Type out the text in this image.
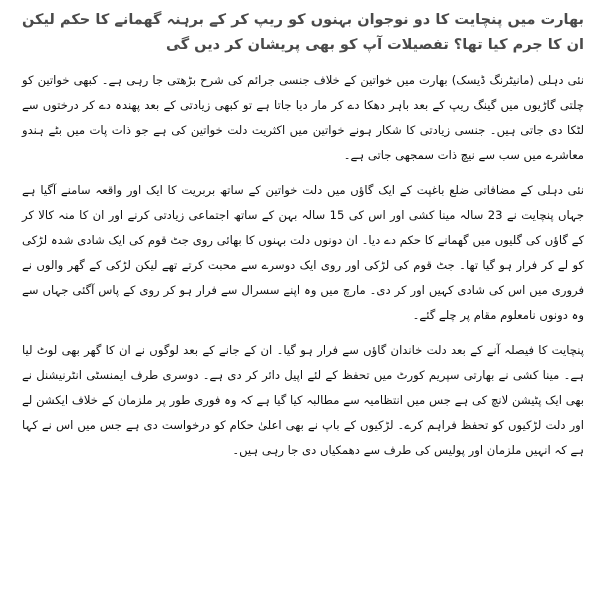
بھارت میں پنچایت کا دو نوجوان بہنوں کو ریپ کر کے برہنہ گھمانے کا حکم لیکن ان کا جرم کیا تھا؟ تفصیلات آپ کو بھی پریشان کر دیں گی

نئی دہلی (مانیٹرنگ ڈیسک) بھارت میں خواتین کے خلاف جنسی جرائم کی شرح بڑھتی جا رہی ہے۔ کبھی خواتین کو چلتی گاڑیوں میں گینگ ریپ کے بعد باہر دھکا دے کر مار دیا جاتا ہے تو کبھی زیادتی کے بعد پھندہ دے کر درختوں سے لٹکا دی جاتی ہیں۔ جنسی زیادتی کا شکار ہونے خواتین میں اکثریت دلت خواتین کی ہے جو ذات پات میں بٹے ہندو معاشرے میں سب سے نیچ ذات سمجھی جاتی ہے۔

نئی دہلی کے مضافاتی ضلع باغپت کے ایک گاؤں میں دلت خواتین کے ساتھ بربریت کا ایک اور واقعہ سامنے آگیا ہے جہاں پنچایت نے 23 سالہ مینا کشی اور اس کی 15 سالہ بہن کے ساتھ اجتماعی زیادتی کرنے اور ان کا منہ کالا کر کے گاؤں کی گلیوں میں گھمانے کا حکم دے دیا۔ ان دونوں دلت بہنوں کا بھائی روی جٹ قوم کی ایک شادی شدہ لڑکی کو لے کر فرار ہو گیا تھا۔ جٹ قوم کی لڑکی اور روی ایک دوسرے سے محبت کرتے تھے لیکن لڑکی کے گھر والوں نے فروری میں اس کی شادی کہیں اور کر دی۔ مارچ میں وہ اپنے سسرال سے فرار ہو کر روی کے پاس آگئی جہاں سے وہ دونوں نامعلوم مقام پر چلے گئے۔

پنچایت کا فیصلہ آنے کے بعد دلت خاندان گاؤں سے فرار ہو گیا۔ ان کے جانے کے بعد لوگوں نے ان کا گھر بھی لوٹ لیا ہے۔ مینا کشی نے بھارتی سپریم کورٹ میں تحفظ کے لئے اپیل دائر کر دی ہے۔ دوسری طرف ایمنسٹی انٹرنیشنل نے بھی ایک پٹیشن لانچ کی ہے جس میں انتظامیہ سے مطالبہ کیا گیا ہے کہ وہ فوری طور پر ملزمان کے خلاف ایکشن لے اور دلت لڑکیوں کو تحفظ فراہم کرے۔ لڑکیوں کے باپ نے بھی اعلیٰ حکام کو درخواست دی ہے جس میں اس نے کہا ہے کہ انہیں ملزمان اور پولیس کی طرف سے دھمکیاں دی جا رہی ہیں۔
